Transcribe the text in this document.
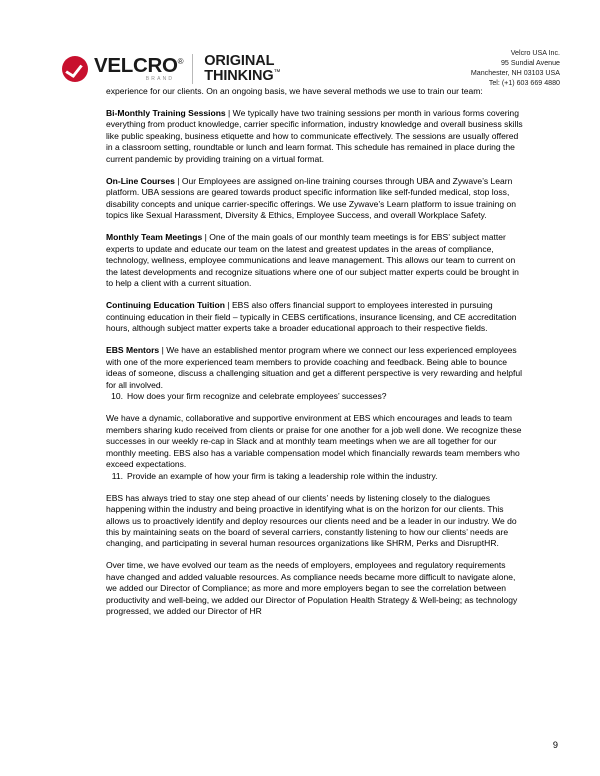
VELCRO®
BRAND
ORIGINAL
THINKING™
Velcro USA Inc.
95 Sundial Avenue
Manchester, NH 03103 USA
Tel: (+1) 603 669 4880

experience for our clients. On an ongoing basis, we have several methods we use to train our team:

Bi-Monthly Training Sessions | We typically have two training sessions per month in various forms covering everything from product knowledge, carrier specific information, industry knowledge and overall business skills like public speaking, business etiquette and how to communicate effectively. The sessions are usually offered in a classroom setting, roundtable or lunch and learn format. This schedule has remained in place during the current pandemic by providing training on a virtual format.

On-Line Courses | Our Employees are assigned on-line training courses through UBA and Zywave’s Learn platform. UBA sessions are geared towards product specific information like self-funded medical, stop loss, disability concepts and unique carrier-specific offerings. We use Zywave’s Learn platform to issue training on topics like Sexual Harassment, Diversity & Ethics, Employee Success, and overall Workplace Safety.

Monthly Team Meetings | One of the main goals of our monthly team meetings is for EBS’ subject matter experts to update and educate our team on the latest and greatest updates in the areas of compliance, technology, wellness, employee communications and leave management. This allows our team to current on the latest developments and recognize situations where one of our subject matter experts could be brought in to help a client with a current situation.

Continuing Education Tuition | EBS also offers financial support to employees interested in pursuing continuing education in their field – typically in CEBS certifications, insurance licensing, and CE accreditation hours, although subject matter experts take a broader educational approach to their respective fields.

EBS Mentors | We have an established mentor program where we connect our less experienced employees with one of the more experienced team members to provide coaching and feedback. Being able to bounce ideas of someone, discuss a challenging situation and get a different perspective is very rewarding and helpful for all involved.

10. How does your firm recognize and celebrate employees’ successes?

We have a dynamic, collaborative and supportive environment at EBS which encourages and leads to team members sharing kudo received from clients or praise for one another for a job well done. We recognize these successes in our weekly re-cap in Slack and at monthly team meetings when we are all together for our monthly meeting. EBS also has a variable compensation model which financially rewards team members who exceed expectations.

11. Provide an example of how your firm is taking a leadership role within the industry.

EBS has always tried to stay one step ahead of our clients’ needs by listening closely to the dialogues happening within the industry and being proactive in identifying what is on the horizon for our clients. This allows us to proactively identify and deploy resources our clients need and be a leader in our industry. We do this by maintaining seats on the board of several carriers, constantly listening to how our clients’ needs are changing, and participating in several human resources organizations like SHRM, Perks and DisruptHR.

Over time, we have evolved our team as the needs of employers, employees and regulatory requirements have changed and added valuable resources. As compliance needs became more difficult to navigate alone, we added our Director of Compliance; as more and more employers began to see the correlation between productivity and well-being, we added our Director of Population Health Strategy & Well-being; as technology progressed, we added our Director of HR

9
